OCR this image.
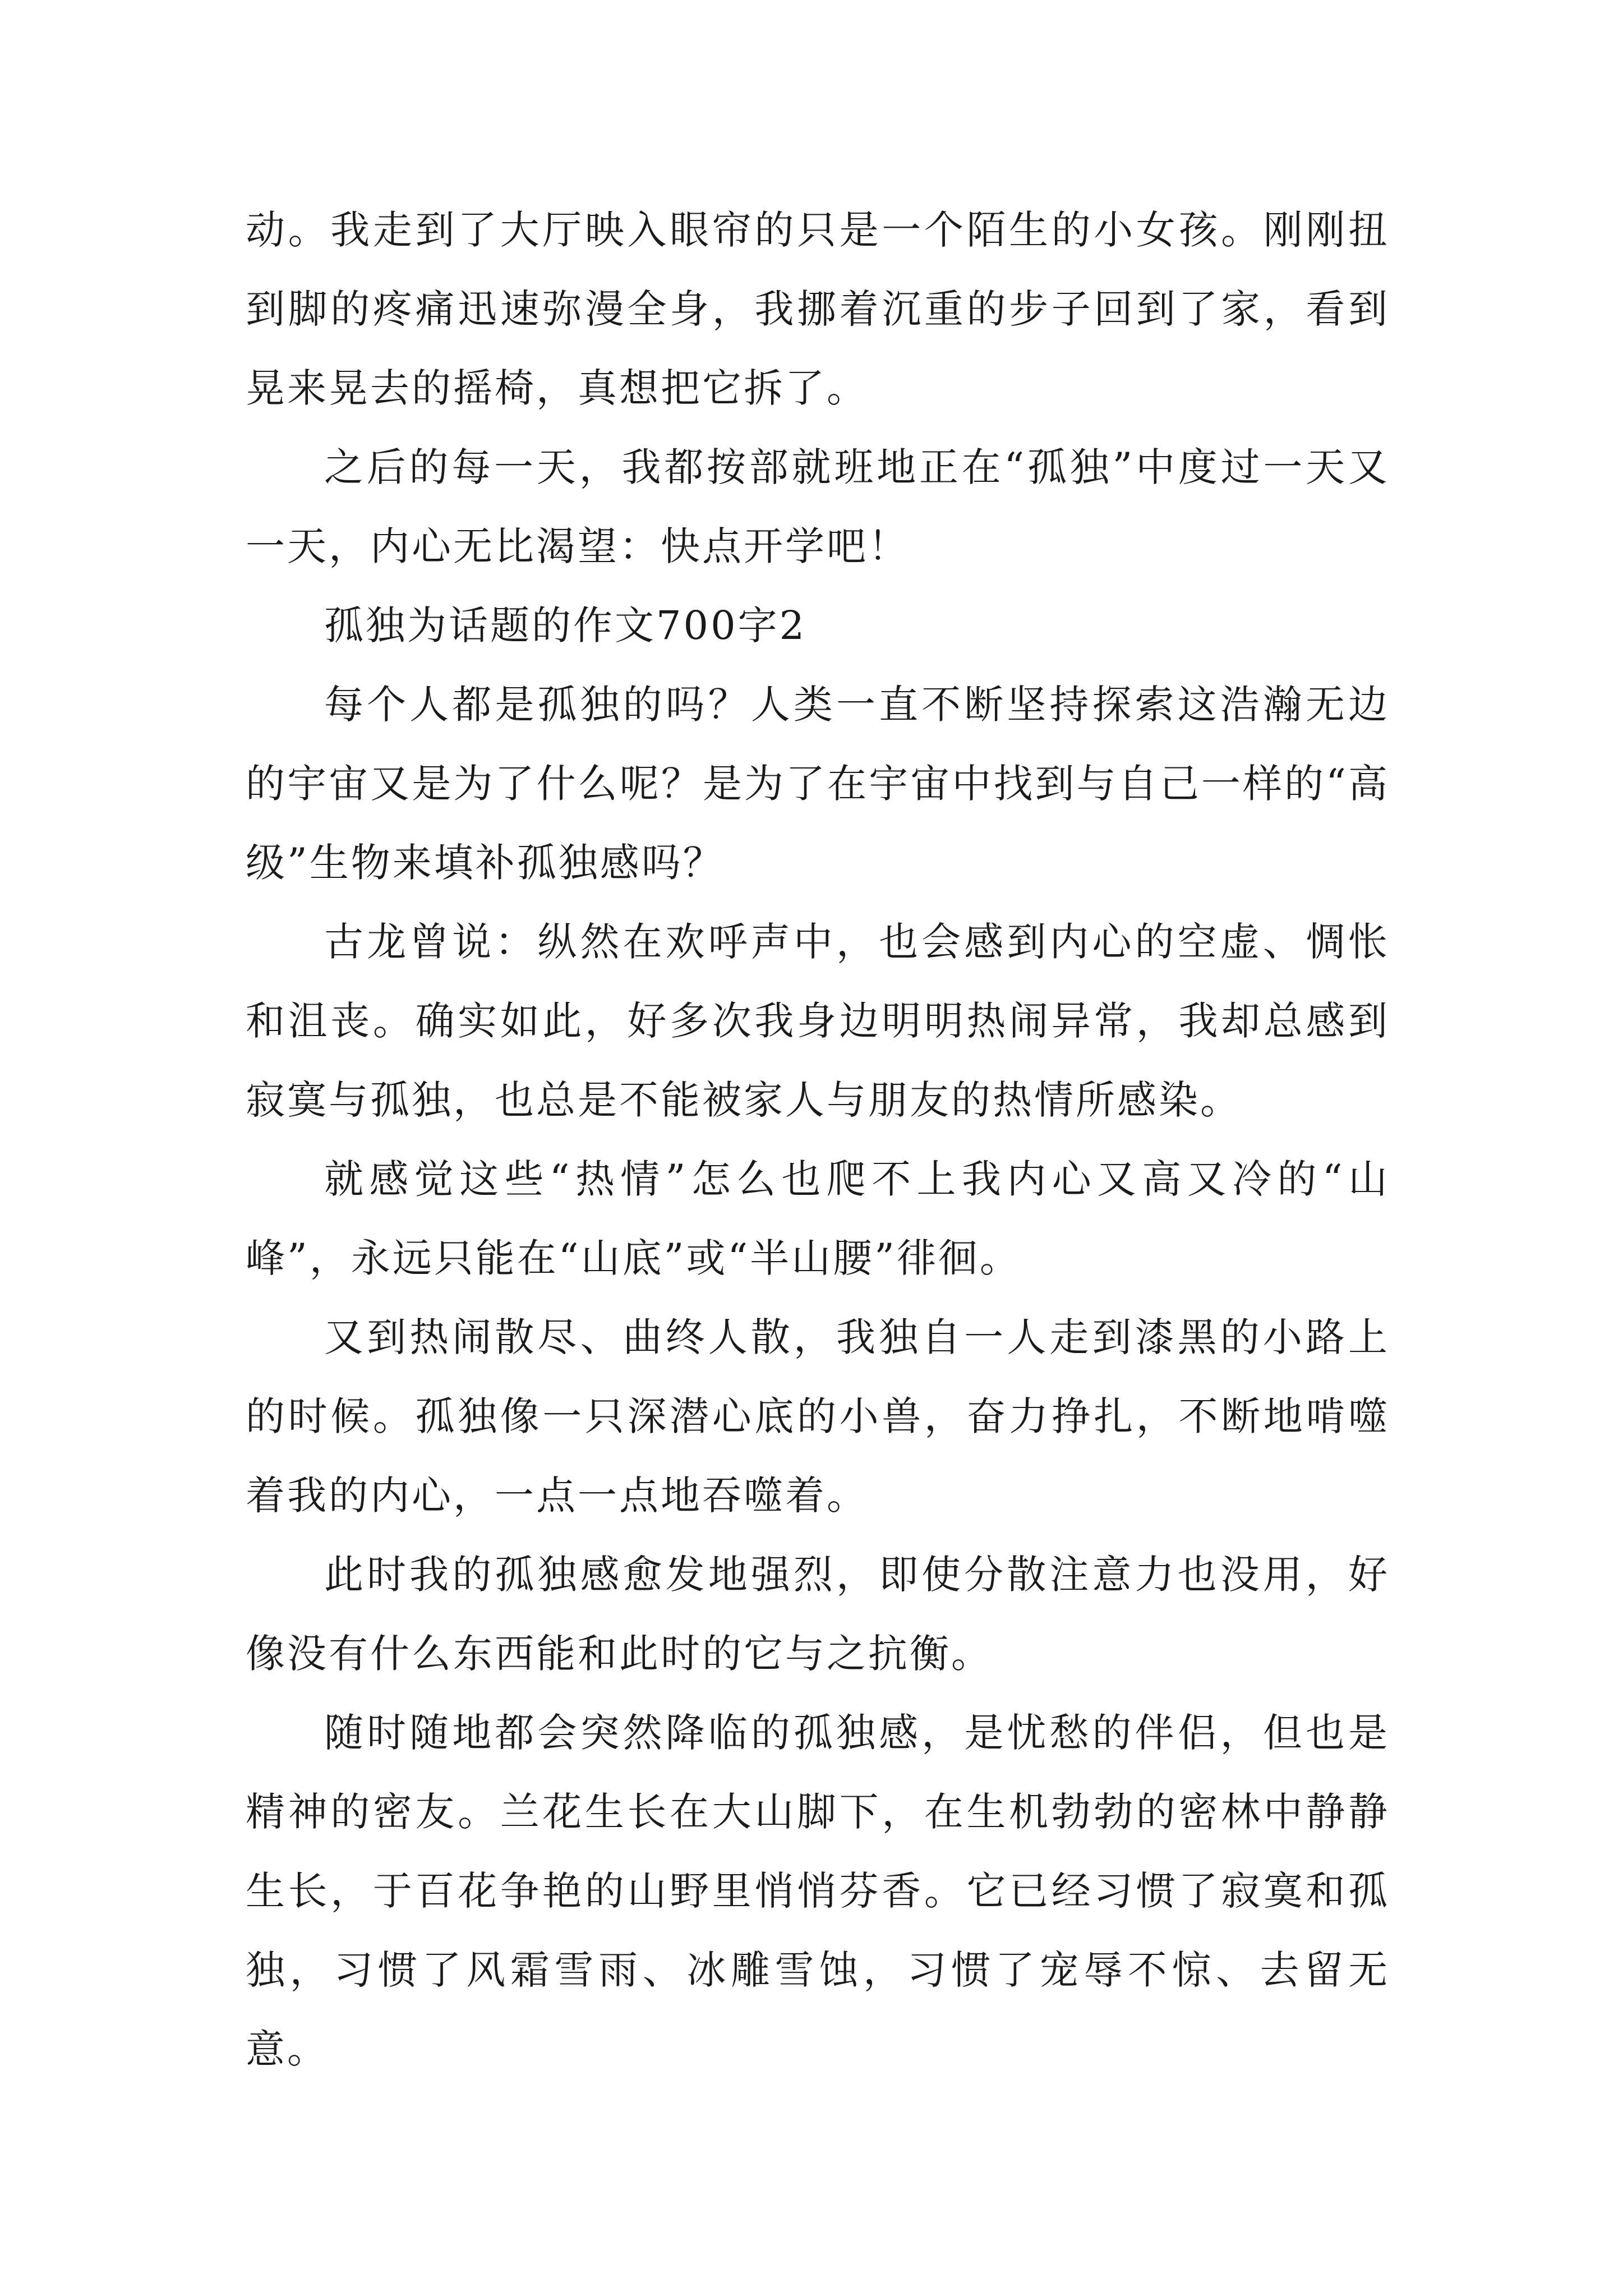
动。我走到了大厅映入眼帘的只是一个陌生的小女孩。刚刚扭到脚的疼痛迅速弥漫全身，我挪着沉重的步子回到了家，看到晃来晃去的摇椅，真想把它拆了。

之后的每一天，我都按部就班地正在“孤独”中度过一天又一天，内心无比渴望：快点开学吧！

孤独为话题的作文700字2

每个人都是孤独的吗？人类一直不断坚持探索这浩瀚无边的宇宙又是为了什么呢？是为了在宇宙中找到与自己一样的“高级”生物来填补孤独感吗？

古龙曾说：纵然在欢呼声中，也会感到内心的空虚、惆怅和沮丧。确实如此，好多次我身边明明热闹异常，我却总感到寂寞与孤独，也总是不能被家人与朋友的热情所感染。

就感觉这些“热情”怎么也爬不上我内心又高又冷的“山峰”，永远只能在“山底”或“半山腰”徘徊。

又到热闹散尽、曲终人散，我独自一人走到漆黑的小路上的时候。孤独像一只深潜心底的小兽，奋力挣扎，不断地啃噬着我的内心，一点一点地吞噬着。

此时我的孤独感愈发地强烈，即使分散注意力也没用，好像没有什么东西能和此时的它与之抗衡。

随时随地都会突然降临的孤独感，是忧愁的伴侣，但也是精神的密友。兰花生长在大山脚下，在生机勃勃的密林中静静生长，于百花争艳的山野里悄悄芬香。它已经习惯了寂寞和孤独，习惯了风霜雪雨、冰雕雪蚀，习惯了宠辱不惊、去留无意。
